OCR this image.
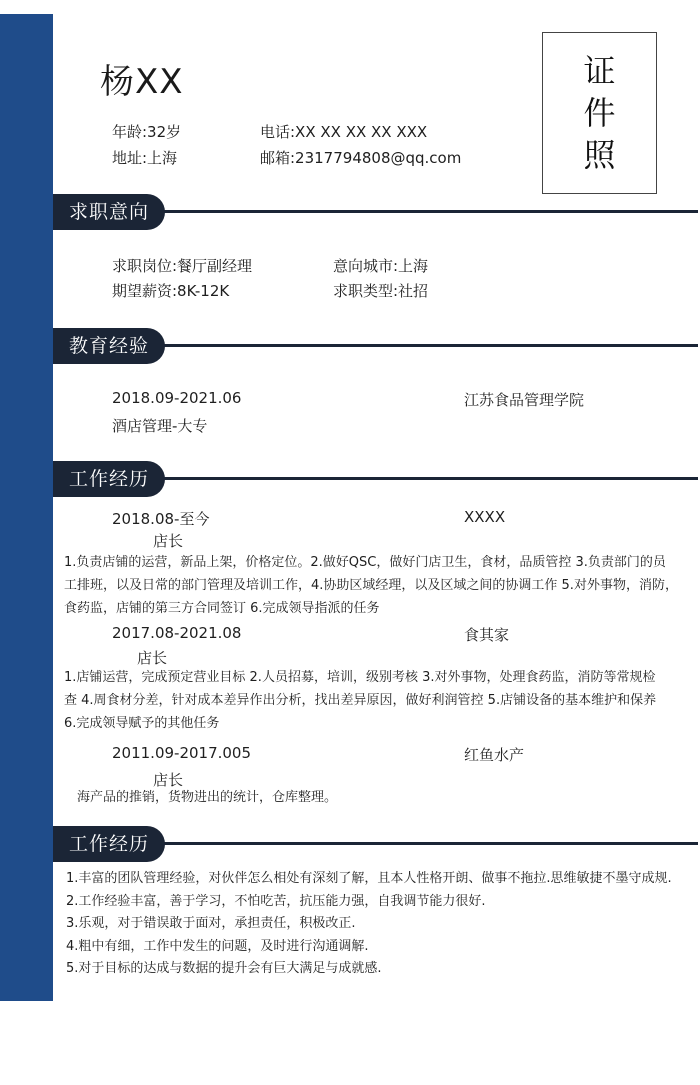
杨XX
年龄:32岁	电话:XX XX XX XX XXX
地址:上海	邮箱:2317794808@qq.com
证件照
求职意向
求职岗位:餐厅副经理	意向城市:上海
期望薪资:8K-12K	求职类型:社招
教育经验
2018.09-2021.06	江苏食品管理学院
酒店管理-大专
工作经历
2018.08-至今	XXXX
店长
1.负责店铺的运营，新品上架，价格定位。2.做好QSC，做好门店卫生，食材，品质管控 3.负责部门的员
工排班，以及日常的部门管理及培训工作，4.协助区域经理，以及区域之间的协调工作 5.对外事物，消防，
食药监，店铺的第三方合同签订 6.完成领导指派的任务
2017.08-2021.08	食其家
店长
1.店铺运营，完成预定营业目标 2.人员招募，培训，级别考核 3.对外事物，处理食药监，消防等常规检
查 4.周食材分差，针对成本差异作出分析，找出差异原因，做好利润管控 5.店铺设备的基本维护和保养
6.完成领导赋予的其他任务
2011.09-2017.005	红鱼水产
店长
海产品的推销，货物进出的统计，仓库整理。
工作经历
1.丰富的团队管理经验，对伙伴怎么相处有深刻了解，且本人性格开朗、做事不拖拉.思维敏捷不墨守成规.
2.工作经验丰富，善于学习，不怕吃苦，抗压能力强，自我调节能力很好.
3.乐观，对于错误敢于面对，承担责任，积极改正.
4.粗中有细，工作中发生的问题，及时进行沟通调解.
5.对于目标的达成与数据的提升会有巨大满足与成就感.
